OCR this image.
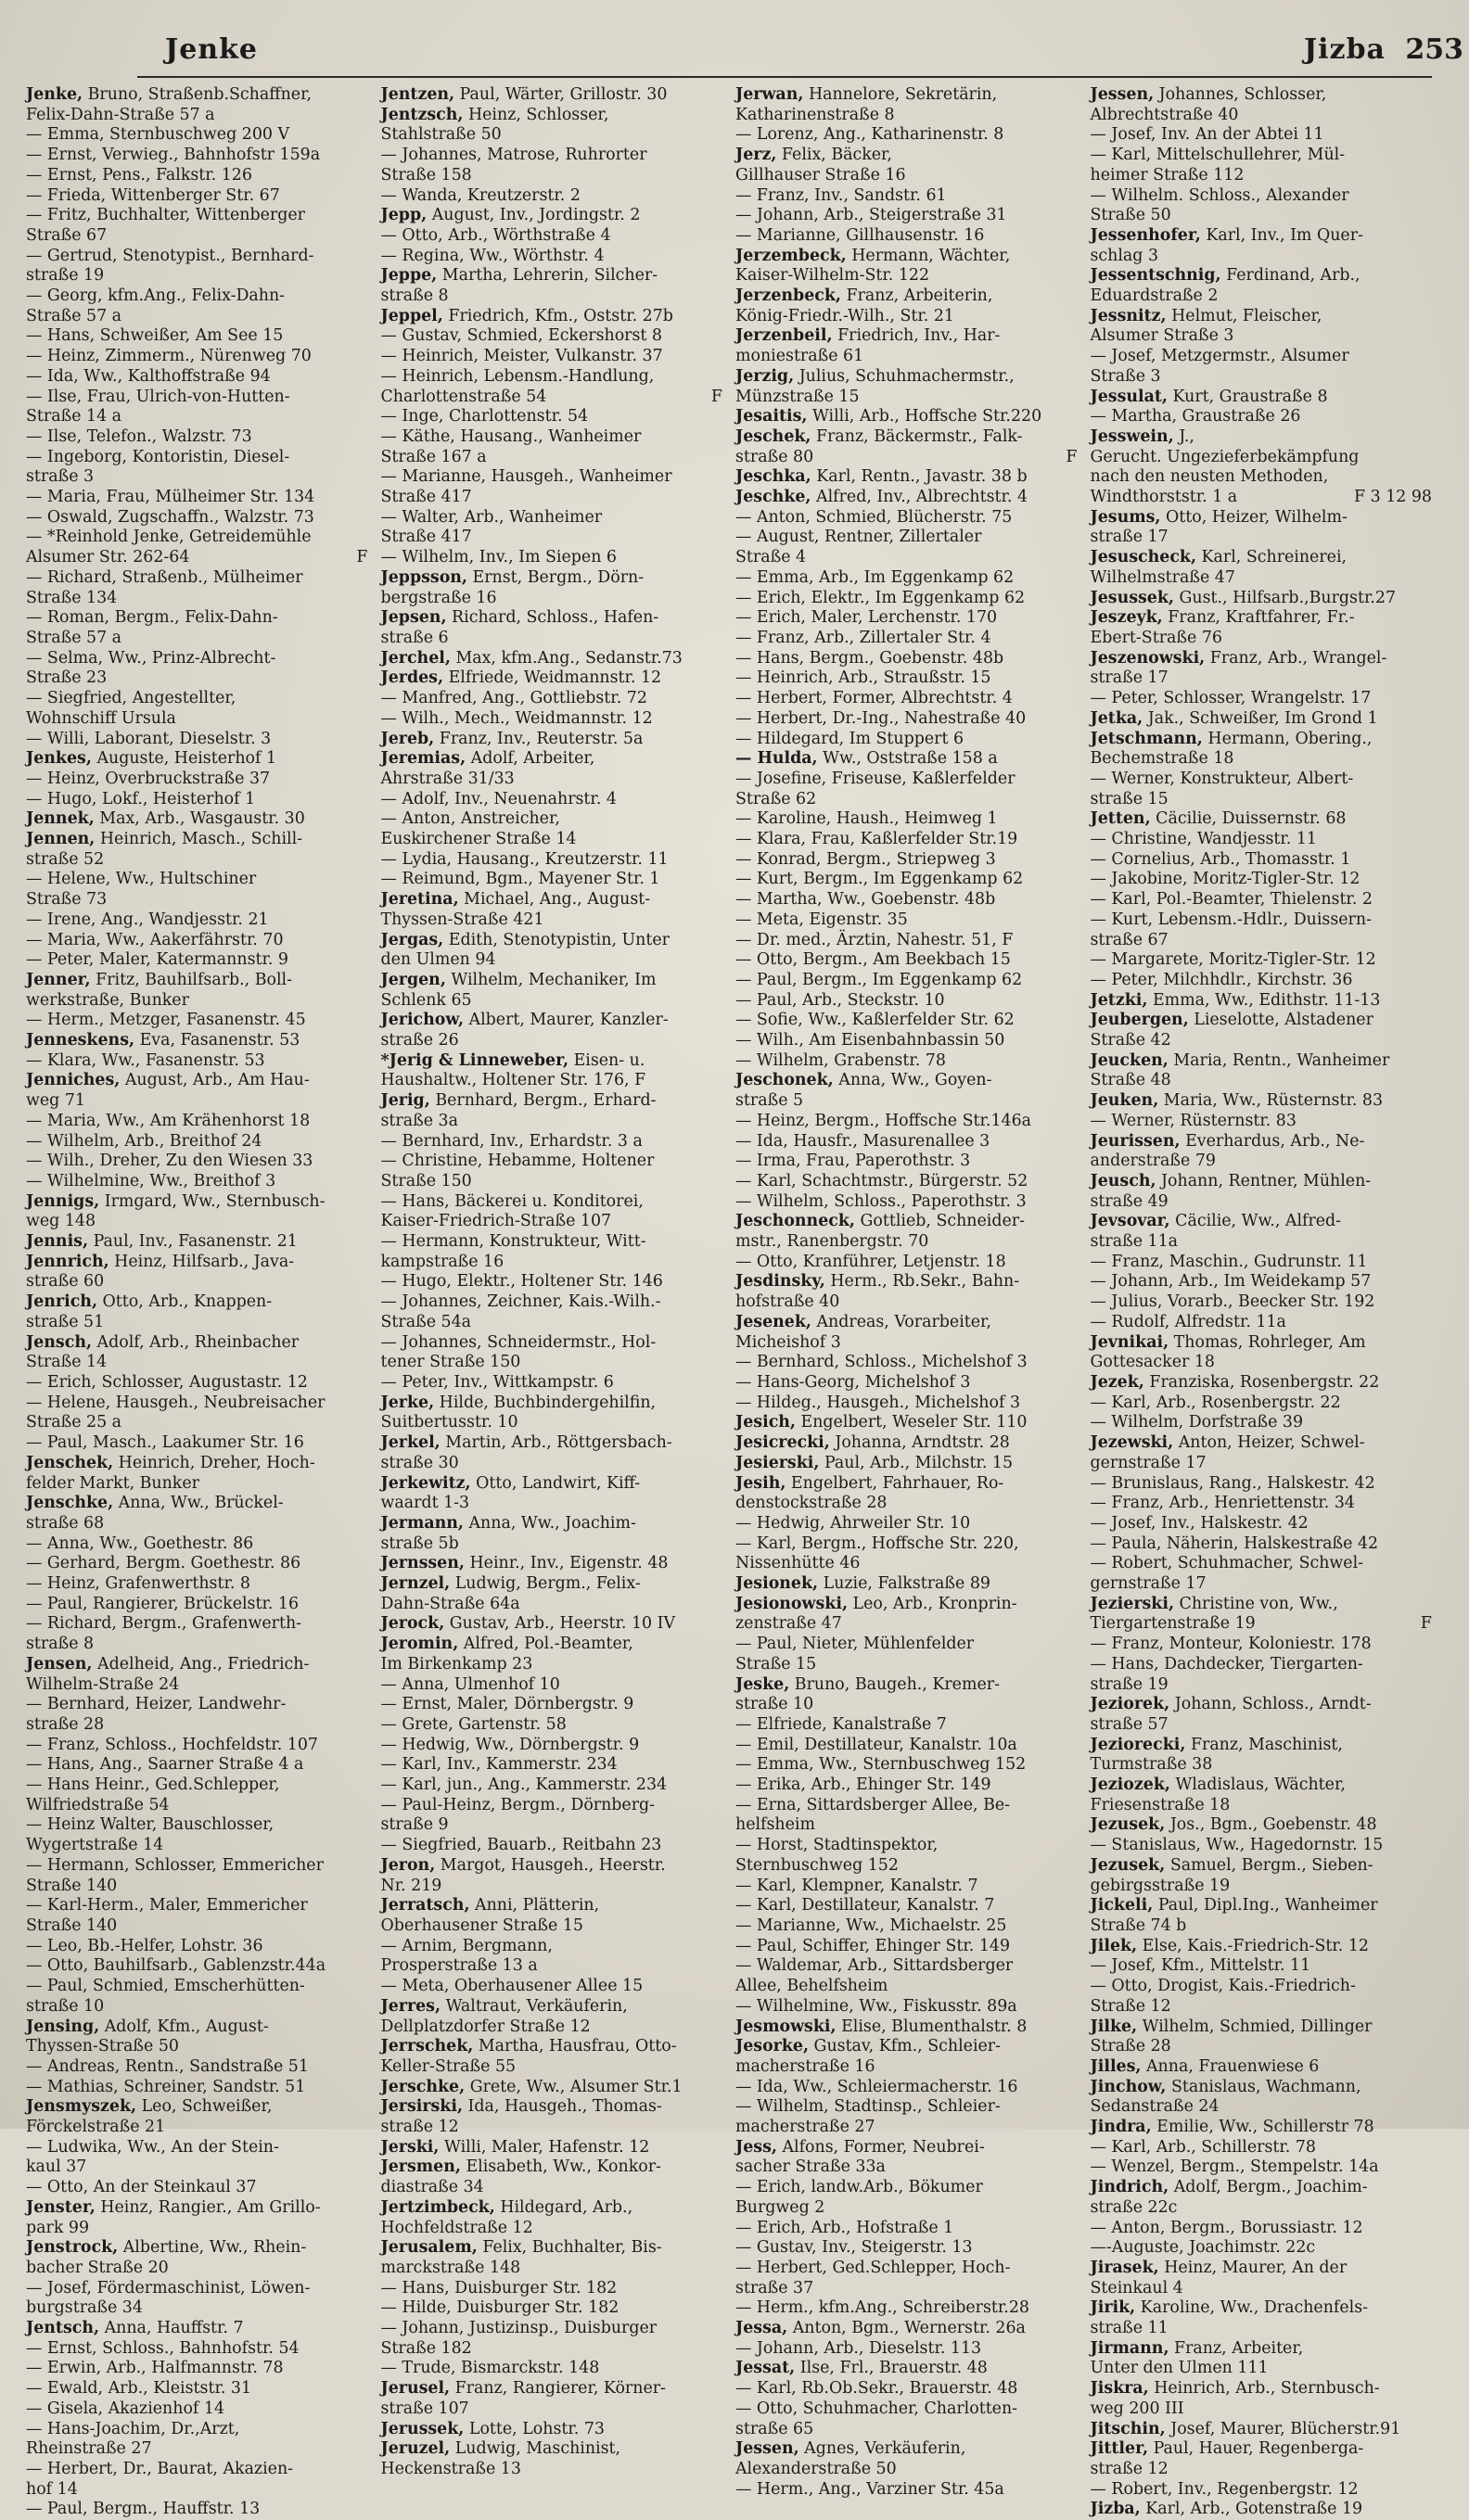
Jenke	Jizba 253
Jenke, Bruno, Straßenb.Schaffner,
Felix-Dahn-Straße 57 a
— Emma, Sternbuschweg 200 V
— Ernst, Verwieg., Bahnhofstr 159a
— Ernst, Pens., Falkstr. 126
— Frieda, Wittenberger Str. 67
— Fritz, Buchhalter, Wittenberger
Straße 67
— Gertrud, Stenotypist., Bernhard-
straße 19
— Georg, kfm.Ang., Felix-Dahn-
Straße 57 a
— Hans, Schweißer, Am See 15
— Heinz, Zimmerm., Nürenweg 70
— Ida, Ww., Kalthoffstraße 94
— Ilse, Frau, Ulrich-von-Hutten-
Straße 14 a
— Ilse, Telefon., Walzstr. 73
— Ingeborg, Kontoristin, Diesel-
straße 3
— Maria, Frau, Mülheimer Str. 134
— Oswald, Zugschaffn., Walzstr. 73
— *Reinhold Jenke, Getreidemühle
F
Alsumer Str. 262-64
— Richard, Straßenb., Mülheimer
Straße 134
— Roman, Bergm., Felix-Dahn-
Straße 57 a
— Selma, Ww., Prinz-Albrecht-
Straße 23
— Siegfried, Angestellter,
Wohnschiff Ursula
— Willi, Laborant, Dieselstr. 3
Jenkes, Auguste, Heisterhof 1
— Heinz, Overbruckstraße 37
— Hugo, Lokf., Heisterhof 1
Jennek, Max, Arb., Wasgaustr. 30
Jennen, Heinrich, Masch., Schill-
straße 52
— Helene, Ww., Hultschiner
Straße 73
— Irene, Ang., Wandjesstr. 21
— Maria, Ww., Aakerfährstr. 70
— Peter, Maler, Katermannstr. 9
Jenner, Fritz, Bauhilfsarb., Boll-
werkstraße, Bunker
— Herm., Metzger, Fasanenstr. 45
Jenneskens, Eva, Fasanenstr. 53
— Klara, Ww., Fasanenstr. 53
Jenniches, August, Arb., Am Hau-
weg 71
— Maria, Ww., Am Krähenhorst 18
— Wilhelm, Arb., Breithof 24
— Wilh., Dreher, Zu den Wiesen 33
— Wilhelmine, Ww., Breithof 3
Jennigs, Irmgard, Ww., Sternbusch-
weg 148
Jennis, Paul, Inv., Fasanenstr. 21
Jennrich, Heinz, Hilfsarb., Java-
straße 60
Jenrich, Otto, Arb., Knappen-
straße 51
Jensch, Adolf, Arb., Rheinbacher
Straße 14
— Erich, Schlosser, Augustastr. 12
— Helene, Hausgeh., Neubreisacher
Straße 25 a
— Paul, Masch., Laakumer Str. 16
Jenschek, Heinrich, Dreher, Hoch-
felder Markt, Bunker
Jenschke, Anna, Ww., Brückel-
straße 68
— Anna, Ww., Goethestr. 86
— Gerhard, Bergm. Goethestr. 86
— Heinz, Grafenwerthstr. 8
— Paul, Rangierer, Brückelstr. 16
— Richard, Bergm., Grafenwerth-
straße 8
Jensen, Adelheid, Ang., Friedrich-
Wilhelm-Straße 24
— Bernhard, Heizer, Landwehr-
straße 28
— Franz, Schloss., Hochfeldstr. 107
— Hans, Ang., Saarner Straße 4 a
— Hans Heinr., Ged.Schlepper,
Wilfriedstraße 54
— Heinz Walter, Bauschlosser,
Wygertstraße 14
— Hermann, Schlosser, Emmericher
Straße 140
— Karl-Herm., Maler, Emmericher
Straße 140
— Leo, Bb.-Helfer, Lohstr. 36
— Otto, Bauhilfsarb., Gablenzstr.44a
— Paul, Schmied, Emscherhütten-
straße 10
Jensing, Adolf, Kfm., August-
Thyssen-Straße 50
— Andreas, Rentn., Sandstraße 51
— Mathias, Schreiner, Sandstr. 51
Jensmyszek, Leo, Schweißer,
Förckelstraße 21
— Ludwika, Ww., An der Stein-
kaul 37
— Otto, An der Steinkaul 37
Jenster, Heinz, Rangier., Am Grillo-
park 99
Jenstrock, Albertine, Ww., Rhein-
bacher Straße 20
— Josef, Fördermaschinist, Löwen-
burgstraße 34
Jentsch, Anna, Hauffstr. 7
— Ernst, Schloss., Bahnhofstr. 54
— Erwin, Arb., Halfmannstr. 78
— Ewald, Arb., Kleiststr. 31
— Gisela, Akazienhof 14
— Hans-Joachim, Dr.,Arzt,
Rheinstraße 27
— Herbert, Dr., Baurat, Akazien-
hof 14
— Paul, Bergm., Hauffstr. 13
Jentzen, Paul, Wärter, Grillostr. 30
Jentzsch, Heinz, Schlosser,
Stahlstraße 50
— Johannes, Matrose, Ruhrorter
Straße 158
— Wanda, Kreutzerstr. 2
Jepp, August, Inv., Jordingstr. 2
— Otto, Arb., Wörthstraße 4
— Regina, Ww., Wörthstr. 4
Jeppe, Martha, Lehrerin, Silcher-
straße 8
Jeppel, Friedrich, Kfm., Oststr. 27b
— Gustav, Schmied, Eckershorst 8
— Heinrich, Meister, Vulkanstr. 37
— Heinrich, Lebensm.-Handlung,
F
Charlottenstraße 54
— Inge, Charlottenstr. 54
— Käthe, Hausang., Wanheimer
Straße 167 a
— Marianne, Hausgeh., Wanheimer
Straße 417
— Walter, Arb., Wanheimer
Straße 417
— Wilhelm, Inv., Im Siepen 6
Jeppsson, Ernst, Bergm., Dörn-
bergstraße 16
Jepsen, Richard, Schloss., Hafen-
straße 6
Jerchel, Max, kfm.Ang., Sedanstr.73
Jerdes, Elfriede, Weidmannstr. 12
— Manfred, Ang., Gottliebstr. 72
— Wilh., Mech., Weidmannstr. 12
Jereb, Franz, Inv., Reuterstr. 5a
Jeremias, Adolf, Arbeiter,
Ahrstraße 31/33
— Adolf, Inv., Neuenahrstr. 4
— Anton, Anstreicher,
Euskirchener Straße 14
— Lydia, Hausang., Kreutzerstr. 11
— Reimund, Bgm., Mayener Str. 1
Jeretina, Michael, Ang., August-
Thyssen-Straße 421
Jergas, Edith, Stenotypistin, Unter
den Ulmen 94
Jergen, Wilhelm, Mechaniker, Im
Schlenk 65
Jerichow, Albert, Maurer, Kanzler-
straße 26
*Jerig & Linneweber, Eisen- u.
Haushaltw., Holtener Str. 176, F
Jerig, Bernhard, Bergm., Erhard-
straße 3a
— Bernhard, Inv., Erhardstr. 3 a
— Christine, Hebamme, Holtener
Straße 150
— Hans, Bäckerei u. Konditorei,
Kaiser-Friedrich-Straße 107
— Hermann, Konstrukteur, Witt-
kampstraße 16
— Hugo, Elektr., Holtener Str. 146
— Johannes, Zeichner, Kais.-Wilh.-
Straße 54a
— Johannes, Schneidermstr., Hol-
tener Straße 150
— Peter, Inv., Wittkampstr. 6
Jerke, Hilde, Buchbindergehilfin,
Suitbertusstr. 10
Jerkel, Martin, Arb., Röttgersbach-
straße 30
Jerkewitz, Otto, Landwirt, Kiff-
waardt 1-3
Jermann, Anna, Ww., Joachim-
straße 5b
Jernssen, Heinr., Inv., Eigenstr. 48
Jernzel, Ludwig, Bergm., Felix-
Dahn-Straße 64a
Jerock, Gustav, Arb., Heerstr. 10 IV
Jeromin, Alfred, Pol.-Beamter,
Im Birkenkamp 23
— Anna, Ulmenhof 10
— Ernst, Maler, Dörnbergstr. 9
— Grete, Gartenstr. 58
— Hedwig, Ww., Dörnbergstr. 9
— Karl, Inv., Kammerstr. 234
— Karl, jun., Ang., Kammerstr. 234
— Paul-Heinz, Bergm., Dörnberg-
straße 9
— Siegfried, Bauarb., Reitbahn 23
Jeron, Margot, Hausgeh., Heerstr.
Nr. 219
Jerratsch, Anni, Plätterin,
Oberhausener Straße 15
— Arnim, Bergmann,
Prosperstraße 13 a
— Meta, Oberhausener Allee 15
Jerres, Waltraut, Verkäuferin,
Dellplatzdorfer Straße 12
Jerrschek, Martha, Hausfrau, Otto-
Keller-Straße 55
Jerschke, Grete, Ww., Alsumer Str.1
Jersirski, Ida, Hausgeh., Thomas-
straße 12
Jerski, Willi, Maler, Hafenstr. 12
Jersmen, Elisabeth, Ww., Konkor-
diastraße 34
Jertzimbeck, Hildegard, Arb.,
Hochfeldstraße 12
Jerusalem, Felix, Buchhalter, Bis-
marckstraße 148
— Hans, Duisburger Str. 182
— Hilde, Duisburger Str. 182
— Johann, Justizinsp., Duisburger
Straße 182
— Trude, Bismarckstr. 148
Jerusel, Franz, Rangierer, Körner-
straße 107
Jerussek, Lotte, Lohstr. 73
Jeruzel, Ludwig, Maschinist,
Heckenstraße 13
Jerwan, Hannelore, Sekretärin,
Katharinenstraße 8
— Lorenz, Ang., Katharinenstr. 8
Jerz, Felix, Bäcker,
Gillhauser Straße 16
— Franz, Inv., Sandstr. 61
— Johann, Arb., Steigerstraße 31
— Marianne, Gillhausenstr. 16
Jerzembeck, Hermann, Wächter,
Kaiser-Wilhelm-Str. 122
Jerzenbeck, Franz, Arbeiterin,
König-Friedr.-Wilh., Str. 21
Jerzenbeil, Friedrich, Inv., Har-
moniestraße 61
Jerzig, Julius, Schuhmachermstr.,
Münzstraße 15
Jesaitis, Willi, Arb., Hoffsche Str.220
Jeschek, Franz, Bäckermstr., Falk-
F
straße 80
Jeschka, Karl, Rentn., Javastr. 38 b
Jeschke, Alfred, Inv., Albrechtstr. 4
— Anton, Schmied, Blücherstr. 75
— August, Rentner, Zillertaler
Straße 4
— Emma, Arb., Im Eggenkamp 62
— Erich, Elektr., Im Eggenkamp 62
— Erich, Maler, Lerchenstr. 170
— Franz, Arb., Zillertaler Str. 4
— Hans, Bergm., Goebenstr. 48b
— Heinrich, Arb., Straußstr. 15
— Herbert, Former, Albrechtstr. 4
— Herbert, Dr.-Ing., Nahestraße 40
— Hildegard, Im Stuppert 6
— Hulda, Ww., Oststraße 158 a
— Josefine, Friseuse, Kaßlerfelder
Straße 62
— Karoline, Haush., Heimweg 1
— Klara, Frau, Kaßlerfelder Str.19
— Konrad, Bergm., Striepweg 3
— Kurt, Bergm., Im Eggenkamp 62
— Martha, Ww., Goebenstr. 48b
— Meta, Eigenstr. 35
— Dr. med., Ärztin, Nahestr. 51, F
— Otto, Bergm., Am Beekbach 15
— Paul, Bergm., Im Eggenkamp 62
— Paul, Arb., Steckstr. 10
— Sofie, Ww., Kaßlerfelder Str. 62
— Wilh., Am Eisenbahnbassin 50
— Wilhelm, Grabenstr. 78
Jeschonek, Anna, Ww., Goyen-
straße 5
— Heinz, Bergm., Hoffsche Str.146a
— Ida, Hausfr., Masurenallee 3
— Irma, Frau, Paperothstr. 3
— Karl, Schachtmstr., Bürgerstr. 52
— Wilhelm, Schloss., Paperothstr. 3
Jeschonneck, Gottlieb, Schneider-
mstr., Ranenbergstr. 70
— Otto, Kranführer, Letjenstr. 18
Jesdinsky, Herm., Rb.Sekr., Bahn-
hofstraße 40
Jesenek, Andreas, Vorarbeiter,
Micheishof 3
— Bernhard, Schloss., Michelshof 3
— Hans-Georg, Michelshof 3
— Hildeg., Hausgeh., Michelshof 3
Jesich, Engelbert, Weseler Str. 110
Jesicrecki, Johanna, Arndtstr. 28
Jesierski, Paul, Arb., Milchstr. 15
Jesih, Engelbert, Fahrhauer, Ro-
denstockstraße 28
— Hedwig, Ahrweiler Str. 10
— Karl, Bergm., Hoffsche Str. 220,
Nissenhütte 46
Jesionek, Luzie, Falkstraße 89
Jesionowski, Leo, Arb., Kronprin-
zenstraße 47
— Paul, Nieter, Mühlenfelder
Straße 15
Jeske, Bruno, Baugeh., Kremer-
straße 10
— Elfriede, Kanalstraße 7
— Emil, Destillateur, Kanalstr. 10a
— Emma, Ww., Sternbuschweg 152
— Erika, Arb., Ehinger Str. 149
— Erna, Sittardsberger Allee, Be-
helfsheim
— Horst, Stadtinspektor,
Sternbuschweg 152
— Karl, Klempner, Kanalstr. 7
— Karl, Destillateur, Kanalstr. 7
— Marianne, Ww., Michaelstr. 25
— Paul, Schiffer, Ehinger Str. 149
— Waldemar, Arb., Sittardsberger
Allee, Behelfsheim
— Wilhelmine, Ww., Fiskusstr. 89a
Jesmowski, Elise, Blumenthalstr. 8
Jesorke, Gustav, Kfm., Schleier-
macherstraße 16
— Ida, Ww., Schleiermacherstr. 16
— Wilhelm, Stadtinsp., Schleier-
macherstraße 27
Jess, Alfons, Former, Neubrei-
sacher Straße 33a
— Erich, landw.Arb., Bökumer
Burgweg 2
— Erich, Arb., Hofstraße 1
— Gustav, Inv., Steigerstr. 13
— Herbert, Ged.Schlepper, Hoch-
straße 37
— Herm., kfm.Ang., Schreiberstr.28
Jessa, Anton, Bgm., Wernerstr. 26a
— Johann, Arb., Dieselstr. 113
Jessat, Ilse, Frl., Brauerstr. 48
— Karl, Rb.Ob.Sekr., Brauerstr. 48
— Otto, Schuhmacher, Charlotten-
straße 65
Jessen, Agnes, Verkäuferin,
Alexanderstraße 50
— Herm., Ang., Varziner Str. 45a
Jessen, Johannes, Schlosser,
Albrechtstraße 40
— Josef, Inv. An der Abtei 11
— Karl, Mittelschullehrer, Mül-
heimer Straße 112
— Wilhelm. Schloss., Alexander
Straße 50
Jessenhofer, Karl, Inv., Im Quer-
schlag 3
Jessentschnig, Ferdinand, Arb.,
Eduardstraße 2
Jessnitz, Helmut, Fleischer,
Alsumer Straße 3
— Josef, Metzgermstr., Alsumer
Straße 3
Jessulat, Kurt, Graustraße 8
— Martha, Graustraße 26
Jesswein, J.,
Gerucht. Ungezieferbekämpfung
nach den neusten Methoden,
F 3 12 98
Windthorststr. 1 a
Jesums, Otto, Heizer, Wilhelm-
straße 17
Jesuscheck, Karl, Schreinerei,
Wilhelmstraße 47
Jesussek, Gust., Hilfsarb.,Burgstr.27
Jeszeyk, Franz, Kraftfahrer, Fr.-
Ebert-Straße 76
Jeszenowski, Franz, Arb., Wrangel-
straße 17
— Peter, Schlosser, Wrangelstr. 17
Jetka, Jak., Schweißer, Im Grond 1
Jetschmann, Hermann, Obering.,
Bechemstraße 18
— Werner, Konstrukteur, Albert-
straße 15
Jetten, Cäcilie, Duissernstr. 68
— Christine, Wandjesstr. 11
— Cornelius, Arb., Thomasstr. 1
— Jakobine, Moritz-Tigler-Str. 12
— Karl, Pol.-Beamter, Thielenstr. 2
— Kurt, Lebensm.-Hdlr., Duissern-
straße 67
— Margarete, Moritz-Tigler-Str. 12
— Peter, Milchhdlr., Kirchstr. 36
Jetzki, Emma, Ww., Edithstr. 11-13
Jeubergen, Lieselotte, Alstadener
Straße 42
Jeucken, Maria, Rentn., Wanheimer
Straße 48
Jeuken, Maria, Ww., Rüsternstr. 83
— Werner, Rüsternstr. 83
Jeurissen, Everhardus, Arb., Ne-
anderstraße 79
Jeusch, Johann, Rentner, Mühlen-
straße 49
Jevsovar, Cäcilie, Ww., Alfred-
straße 11a
— Franz, Maschin., Gudrunstr. 11
— Johann, Arb., Im Weidekamp 57
— Julius, Vorarb., Beecker Str. 192
— Rudolf, Alfredstr. 11a
Jevnikai, Thomas, Rohrleger, Am
Gottesacker 18
Jezek, Franziska, Rosenbergstr. 22
— Karl, Arb., Rosenbergstr. 22
— Wilhelm, Dorfstraße 39
Jezewski, Anton, Heizer, Schwel-
gernstraße 17
— Brunislaus, Rang., Halskestr. 42
— Franz, Arb., Henriettenstr. 34
— Josef, Inv., Halskestr. 42
— Paula, Näherin, Halskestraße 42
— Robert, Schuhmacher, Schwel-
gernstraße 17
Jezierski, Christine von, Ww.,
F
Tiergartenstraße 19
— Franz, Monteur, Koloniestr. 178
— Hans, Dachdecker, Tiergarten-
straße 19
Jeziorek, Johann, Schloss., Arndt-
straße 57
Jeziorecki, Franz, Maschinist,
Turmstraße 38
Jeziozek, Wladislaus, Wächter,
Friesenstraße 18
Jezusek, Jos., Bgm., Goebenstr. 48
— Stanislaus, Ww., Hagedornstr. 15
Jezusek, Samuel, Bergm., Sieben-
gebirgsstraße 19
Jickeli, Paul, Dipl.Ing., Wanheimer
Straße 74 b
Jilek, Else, Kais.-Friedrich-Str. 12
— Josef, Kfm., Mittelstr. 11
— Otto, Drogist, Kais.-Friedrich-
Straße 12
Jilke, Wilhelm, Schmied, Dillinger
Straße 28
Jilles, Anna, Frauenwiese 6
Jinchow, Stanislaus, Wachmann,
Sedanstraße 24
Jindra, Emilie, Ww., Schillerstr 78
— Karl, Arb., Schillerstr. 78
— Wenzel, Bergm., Stempelstr. 14a
Jindrich, Adolf, Bergm., Joachim-
straße 22c
— Anton, Bergm., Borussiastr. 12
—-Auguste, Joachimstr. 22c
Jirasek, Heinz, Maurer, An der
Steinkaul 4
Jirik, Karoline, Ww., Drachenfels-
straße 11
Jirmann, Franz, Arbeiter,
Unter den Ulmen 111
Jiskra, Heinrich, Arb., Sternbusch-
weg 200 III
Jitschin, Josef, Maurer, Blücherstr.91
Jittler, Paul, Hauer, Regenberga-
straße 12
— Robert, Inv., Regenbergstr. 12
Jizba, Karl, Arb., Gotenstraße 19
